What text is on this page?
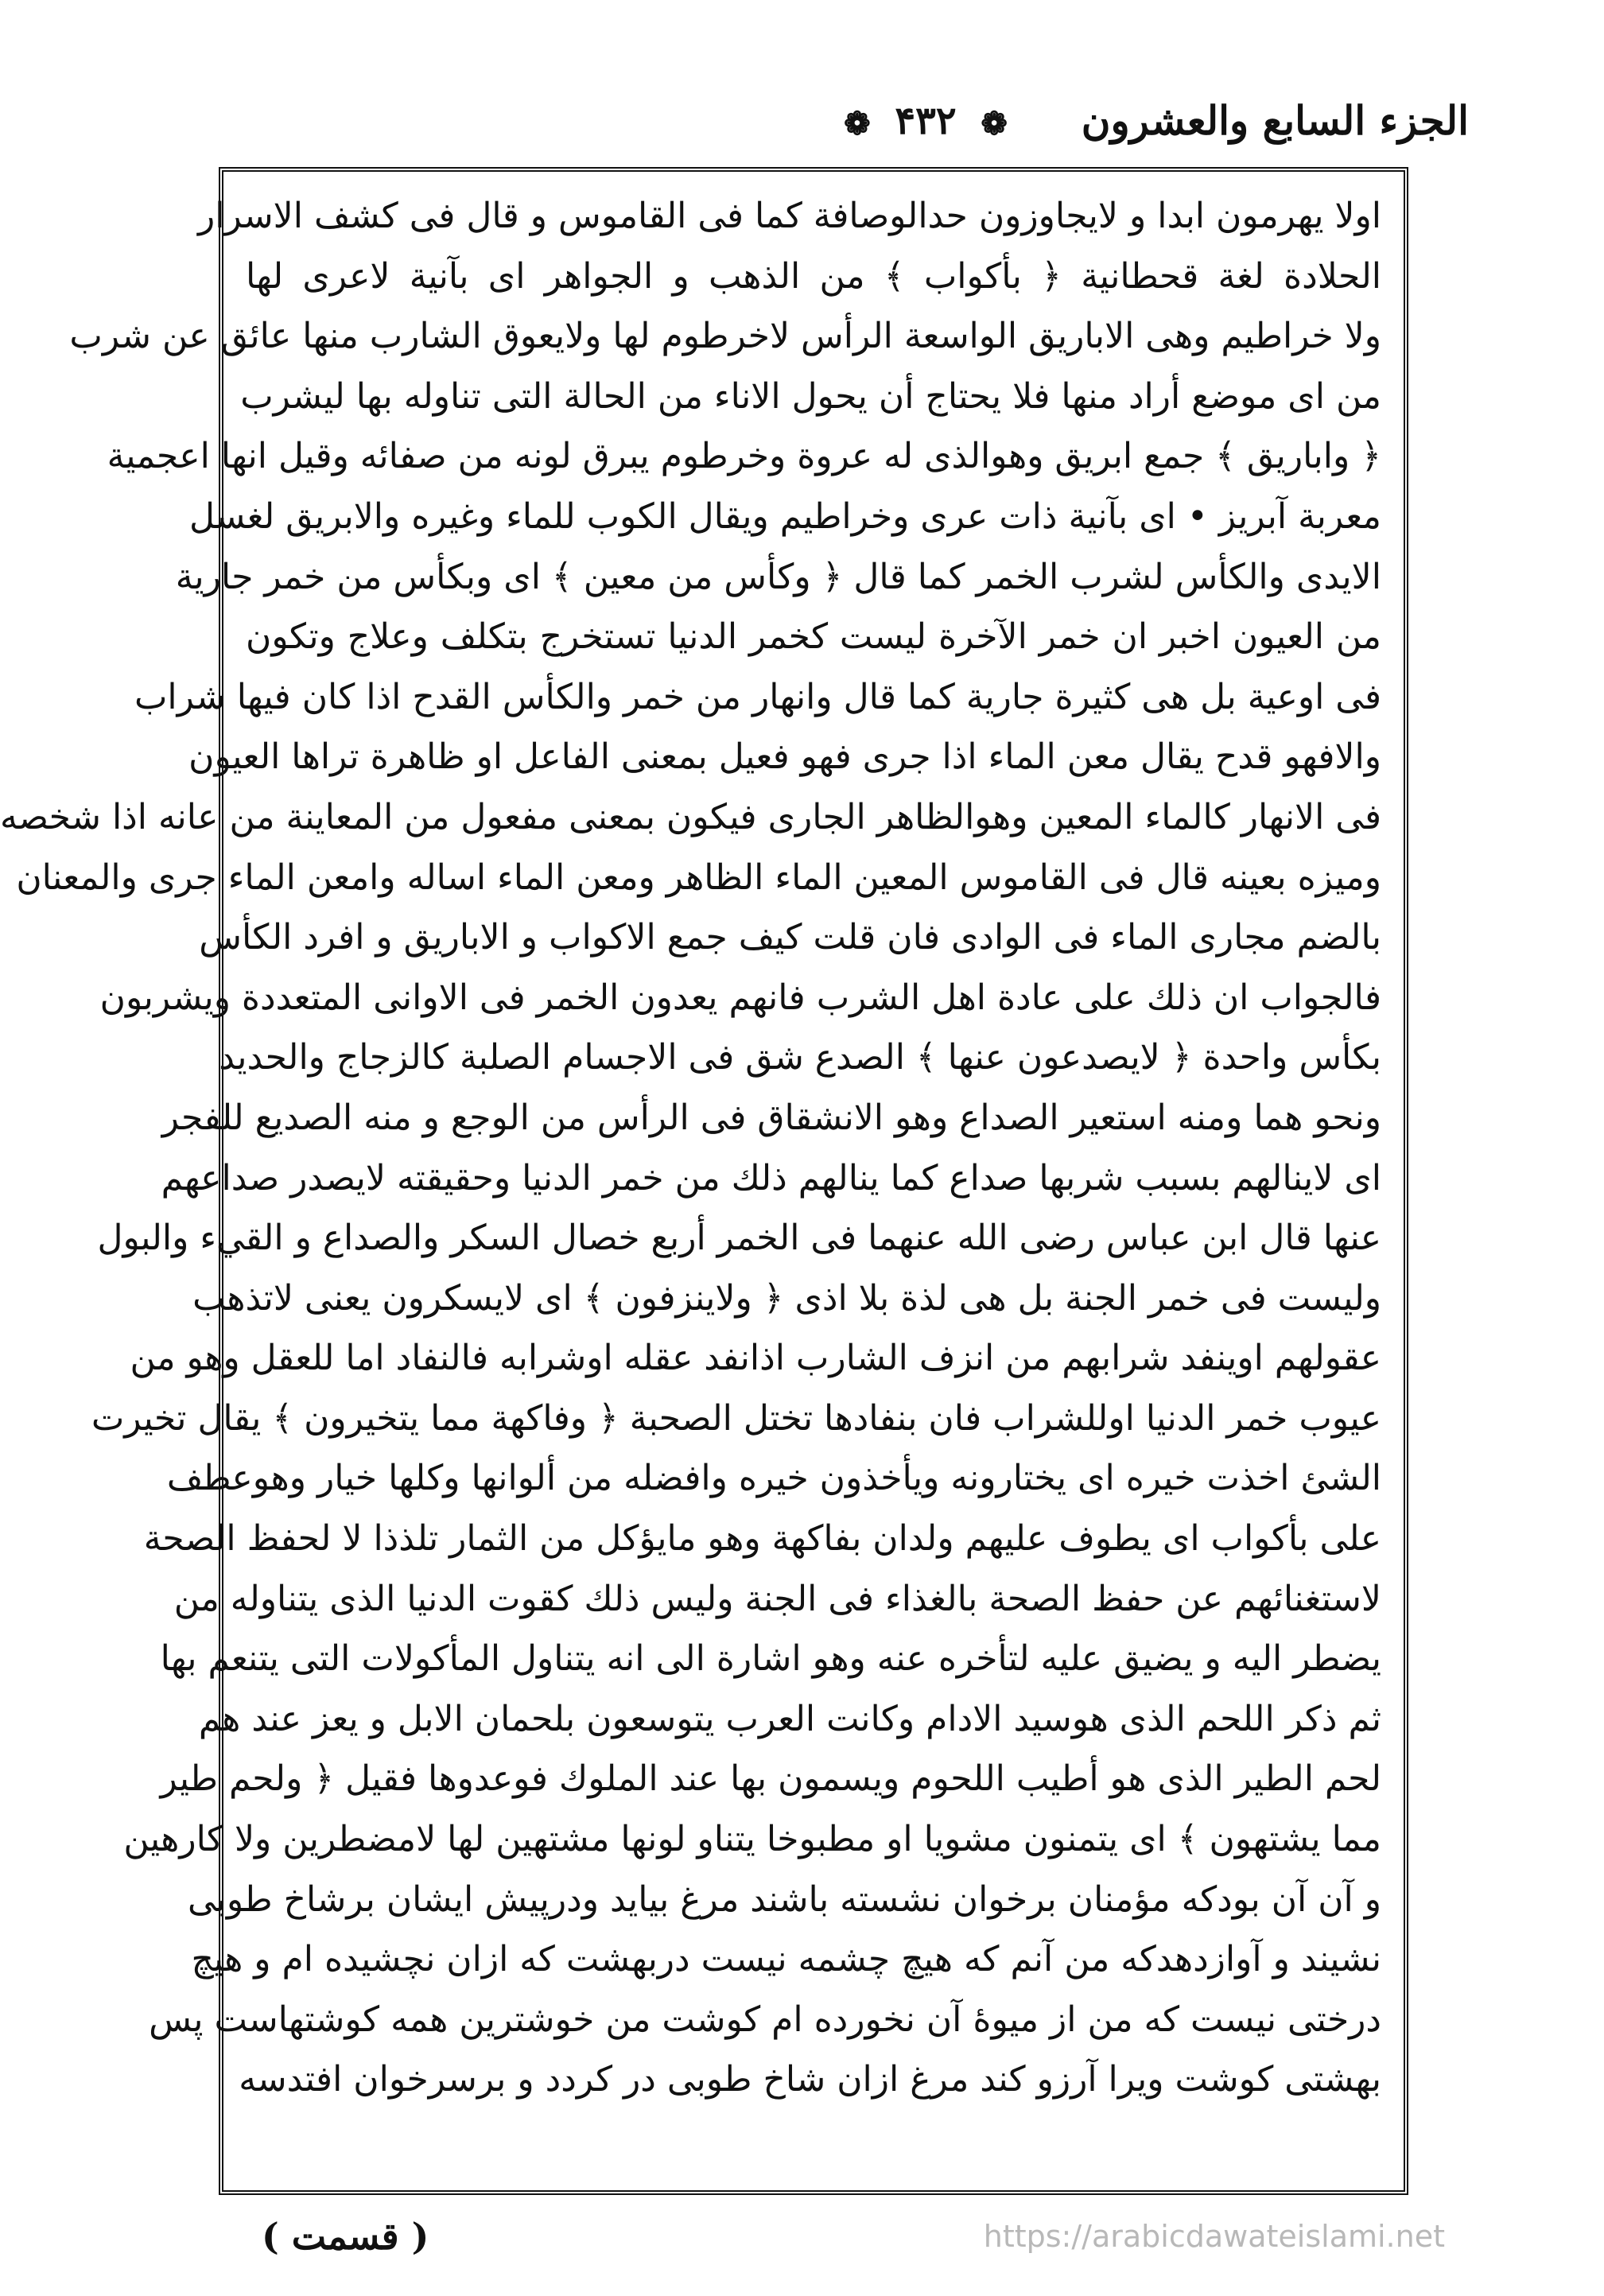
الجزء السابع والعشرون
❁ ۴۳۲ ❁
اولا يهرمون ابدا و لايجاوزون حدالوصافة كما فى القاموس و قال فى كشف الاسرار
الحلادة لغة قحطانية ﴿ بأكواب ﴾ من الذهب و الجواهر اى بآنية لاعرى لها
ولا خراطيم وهى الاباريق الواسعة الرأس لاخرطوم لها ولايعوق الشارب منها عائق عن شرب
من اى موضع أراد منها فلا يحتاج أن يحول الاناء من الحالة التى تناوله بها ليشرب
﴿ واباريق ﴾ جمع ابريق وهوالذى له عروة وخرطوم يبرق لونه من صفائه وقيل انها اعجمية
معربة آبريز • اى بآنية ذات عرى وخراطيم ويقال الكوب للماء وغيره والابريق لغسل
الايدى والكأس لشرب الخمر كما قال ﴿ وكأس من معين ﴾ اى وبكأس من خمر جارية
من العيون اخبر ان خمر الآخرة ليست كخمر الدنيا تستخرج بتكلف وعلاج وتكون
فى اوعية بل هى كثيرة جارية كما قال وانهار من خمر والكأس القدح اذا كان فيها شراب
والافهو قدح يقال معن الماء اذا جرى فهو فعيل بمعنى الفاعل او ظاهرة تراها العيون
فى الانهار كالماء المعين وهوالظاهر الجارى فيكون بمعنى مفعول من المعاينة من عانه اذا شخصه
وميزه بعينه قال فى القاموس المعين الماء الظاهر ومعن الماء اساله وامعن الماء جرى والمعنان
بالضم مجارى الماء فى الوادى فان قلت كيف جمع الاكواب و الاباريق و افرد الكأس
فالجواب ان ذلك على عادة اهل الشرب فانهم يعدون الخمر فى الاوانى المتعددة ويشربون
بكأس واحدة ﴿ لايصدعون عنها ﴾ الصدع شق فى الاجسام الصلبة كالزجاج والحديد
ونحو هما ومنه استعير الصداع وهو الانشقاق فى الرأس من الوجع و منه الصديع للفجر
اى لاينالهم بسبب شربها صداع كما ينالهم ذلك من خمر الدنيا وحقيقته لايصدر صداعهم
عنها قال ابن عباس رضى الله عنهما فى الخمر أربع خصال السكر والصداع و القيء والبول
وليست فى خمر الجنة بل هى لذة بلا اذى ﴿ ولاينزفون ﴾ اى لايسكرون يعنى لاتذهب
عقولهم اوينفد شرابهم من انزف الشارب اذانفد عقله اوشرابه فالنفاد اما للعقل وهو من
عيوب خمر الدنيا اوللشراب فان بنفادها تختل الصحبة ﴿ وفاكهة مما يتخيرون ﴾ يقال تخيرت
الشئ اخذت خيره اى يختارونه ويأخذون خيره وافضله من ألوانها وكلها خيار وهوعطف
على بأكواب اى يطوف عليهم ولدان بفاكهة وهو مايؤكل من الثمار تلذذا لا لحفظ الصحة
لاستغنائهم عن حفظ الصحة بالغذاء فى الجنة وليس ذلك كقوت الدنيا الذى يتناوله من
يضطر اليه و يضيق عليه لتأخره عنه وهو اشارة الى انه يتناول المأكولات التى يتنعم بها
ثم ذكر اللحم الذى هوسيد الادام وكانت العرب يتوسعون بلحمان الابل و يعز عند هم
لحم الطير الذى هو أطيب اللحوم ويسمون بها عند الملوك فوعدوها فقيل ﴿ ولحم طير
مما يشتهون ﴾ اى يتمنون مشويا او مطبوخا يتناو لونها مشتهين لها لامضطرين ولا كارهين
و آن آن بودكه مؤمنان برخوان نشسته باشند مرغ بيايد ودرپيش ايشان برشاخ طوبى
نشيند و آوازدهدكه من آنم كه هيچ چشمه نيست دربهشت كه ازان نچشيده ام و هيچ
درختى نيست كه من از ميوهٔ آن نخورده ام كوشت من خوشترين همه كوشتهاست پس
بهشتى كوشت ويرا آرزو كند مرغ ازان شاخ طوبى در كردد و برسرخوان افتدسه
( قسمت )	https://arabicdawateislami.net
